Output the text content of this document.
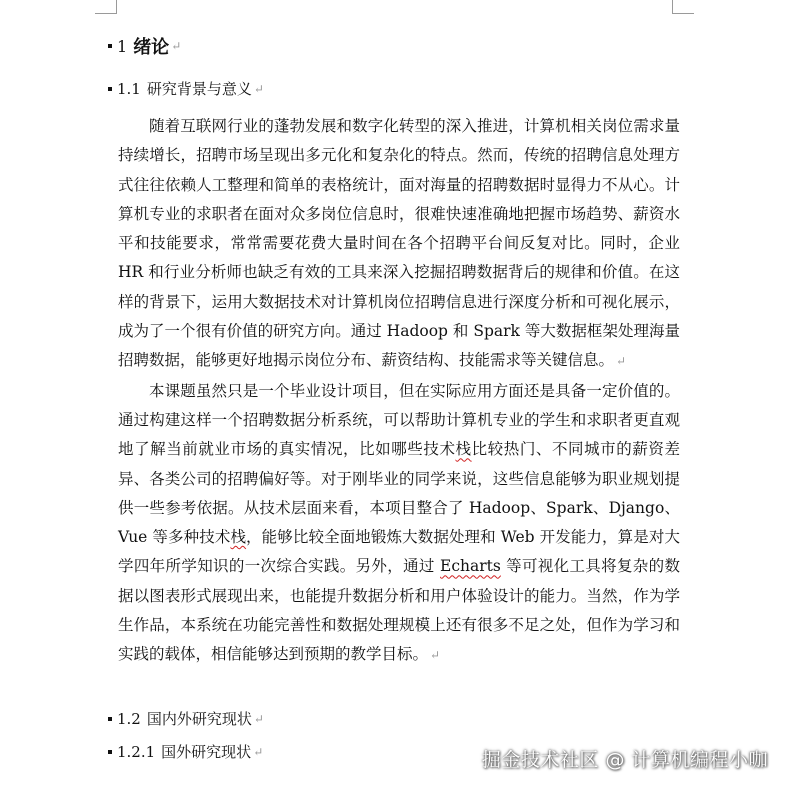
1 绪论 ↵
1.1 研究背景与意义 ↵

随着互联网行业的蓬勃发展和数字化转型的深入推进，计算机相关岗位需求量持续增长，招聘市场呈现出多元化和复杂化的特点。然而，传统的招聘信息处理方式往往依赖人工整理和简单的表格统计，面对海量的招聘数据时显得力不从心。计算机专业的求职者在面对众多岗位信息时，很难快速准确地把握市场趋势、薪资水平和技能要求，常常需要花费大量时间在各个招聘平台间反复对比。同时，企业 HR 和行业分析师也缺乏有效的工具来深入挖掘招聘数据背后的规律和价值。在这样的背景下，运用大数据技术对计算机岗位招聘信息进行深度分析和可视化展示，成为了一个很有价值的研究方向。通过 Hadoop 和 Spark 等大数据框架处理海量招聘数据，能够更好地揭示岗位分布、薪资结构、技能需求等关键信息。 ↵

本课题虽然只是一个毕业设计项目，但在实际应用方面还是具备一定价值的。通过构建这样一个招聘数据分析系统，可以帮助计算机专业的学生和求职者更直观地了解当前就业市场的真实情况，比如哪些技术栈比较热门、不同城市的薪资差异、各类公司的招聘偏好等。对于刚毕业的同学来说，这些信息能够为职业规划提供一些参考依据。从技术层面来看，本项目整合了 Hadoop、Spark、Django、Vue 等多种技术栈，能够比较全面地锻炼大数据处理和 Web 开发能力，算是对大学四年所学知识的一次综合实践。另外，通过 Echarts 等可视化工具将复杂的数据以图表形式展现出来，也能提升数据分析和用户体验设计的能力。当然，作为学生作品，本系统在功能完善性和数据处理规模上还有很多不足之处，但作为学习和实践的载体，相信能够达到预期的教学目标。 ↵

1.2 国内外研究现状 ↵
1.2.1 国外研究现状 ↵	掘金技术社区 @ 计算机编程小咖
